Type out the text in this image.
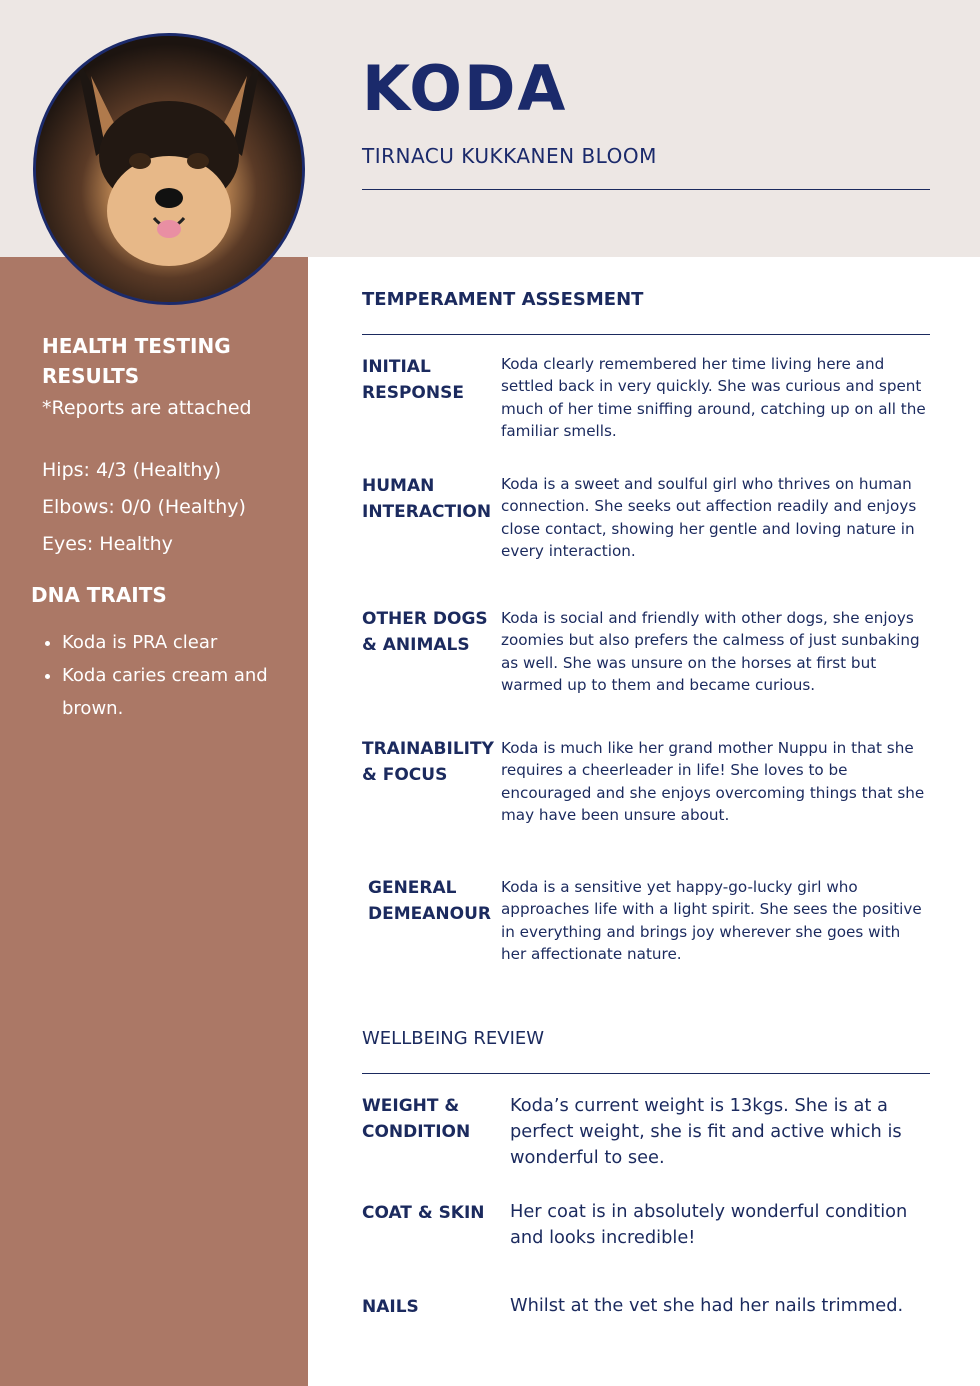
KODA
TIRNACU KUKKANEN BLOOM
HEALTH TESTING RESULTS
*Reports are attached
Hips: 4/3 (Healthy)
Elbows: 0/0 (Healthy)
Eyes: Healthy
DNA TRAITS
• Koda is PRA clear
• Koda caries cream and brown.
TEMPERAMENT ASSESMENT
INITIAL RESPONSE
Koda clearly remembered her time living here and settled back in very quickly. She was curious and spent much of her time sniffing around, catching up on all the familiar smells.
HUMAN INTERACTION
Koda is a sweet and soulful girl who thrives on human connection. She seeks out affection readily and enjoys close contact, showing her gentle and loving nature in every interaction.
OTHER DOGS & ANIMALS
Koda is social and friendly with other dogs, she enjoys zoomies but also prefers the calmess of just sunbaking as well. She was unsure on the horses at first but warmed up to them and became curious.
TRAINABILITY & FOCUS
Koda is much like her grand mother Nuppu in that she requires a cheerleader in life! She loves to be encouraged and she enjoys overcoming things that she may have been unsure about.
GENERAL DEMEANOUR
Koda is a sensitive yet happy-go-lucky girl who approaches life with a light spirit. She sees the positive in everything and brings joy wherever she goes with her affectionate nature.
WELLBEING REVIEW
WEIGHT & CONDITION
Koda’s current weight is 13kgs. She is at a perfect weight, she is fit and active which is wonderful to see.
COAT & SKIN	Her coat is in absolutely wonderful condition and looks incredible!
NAILS	Whilst at the vet she had her nails trimmed.
